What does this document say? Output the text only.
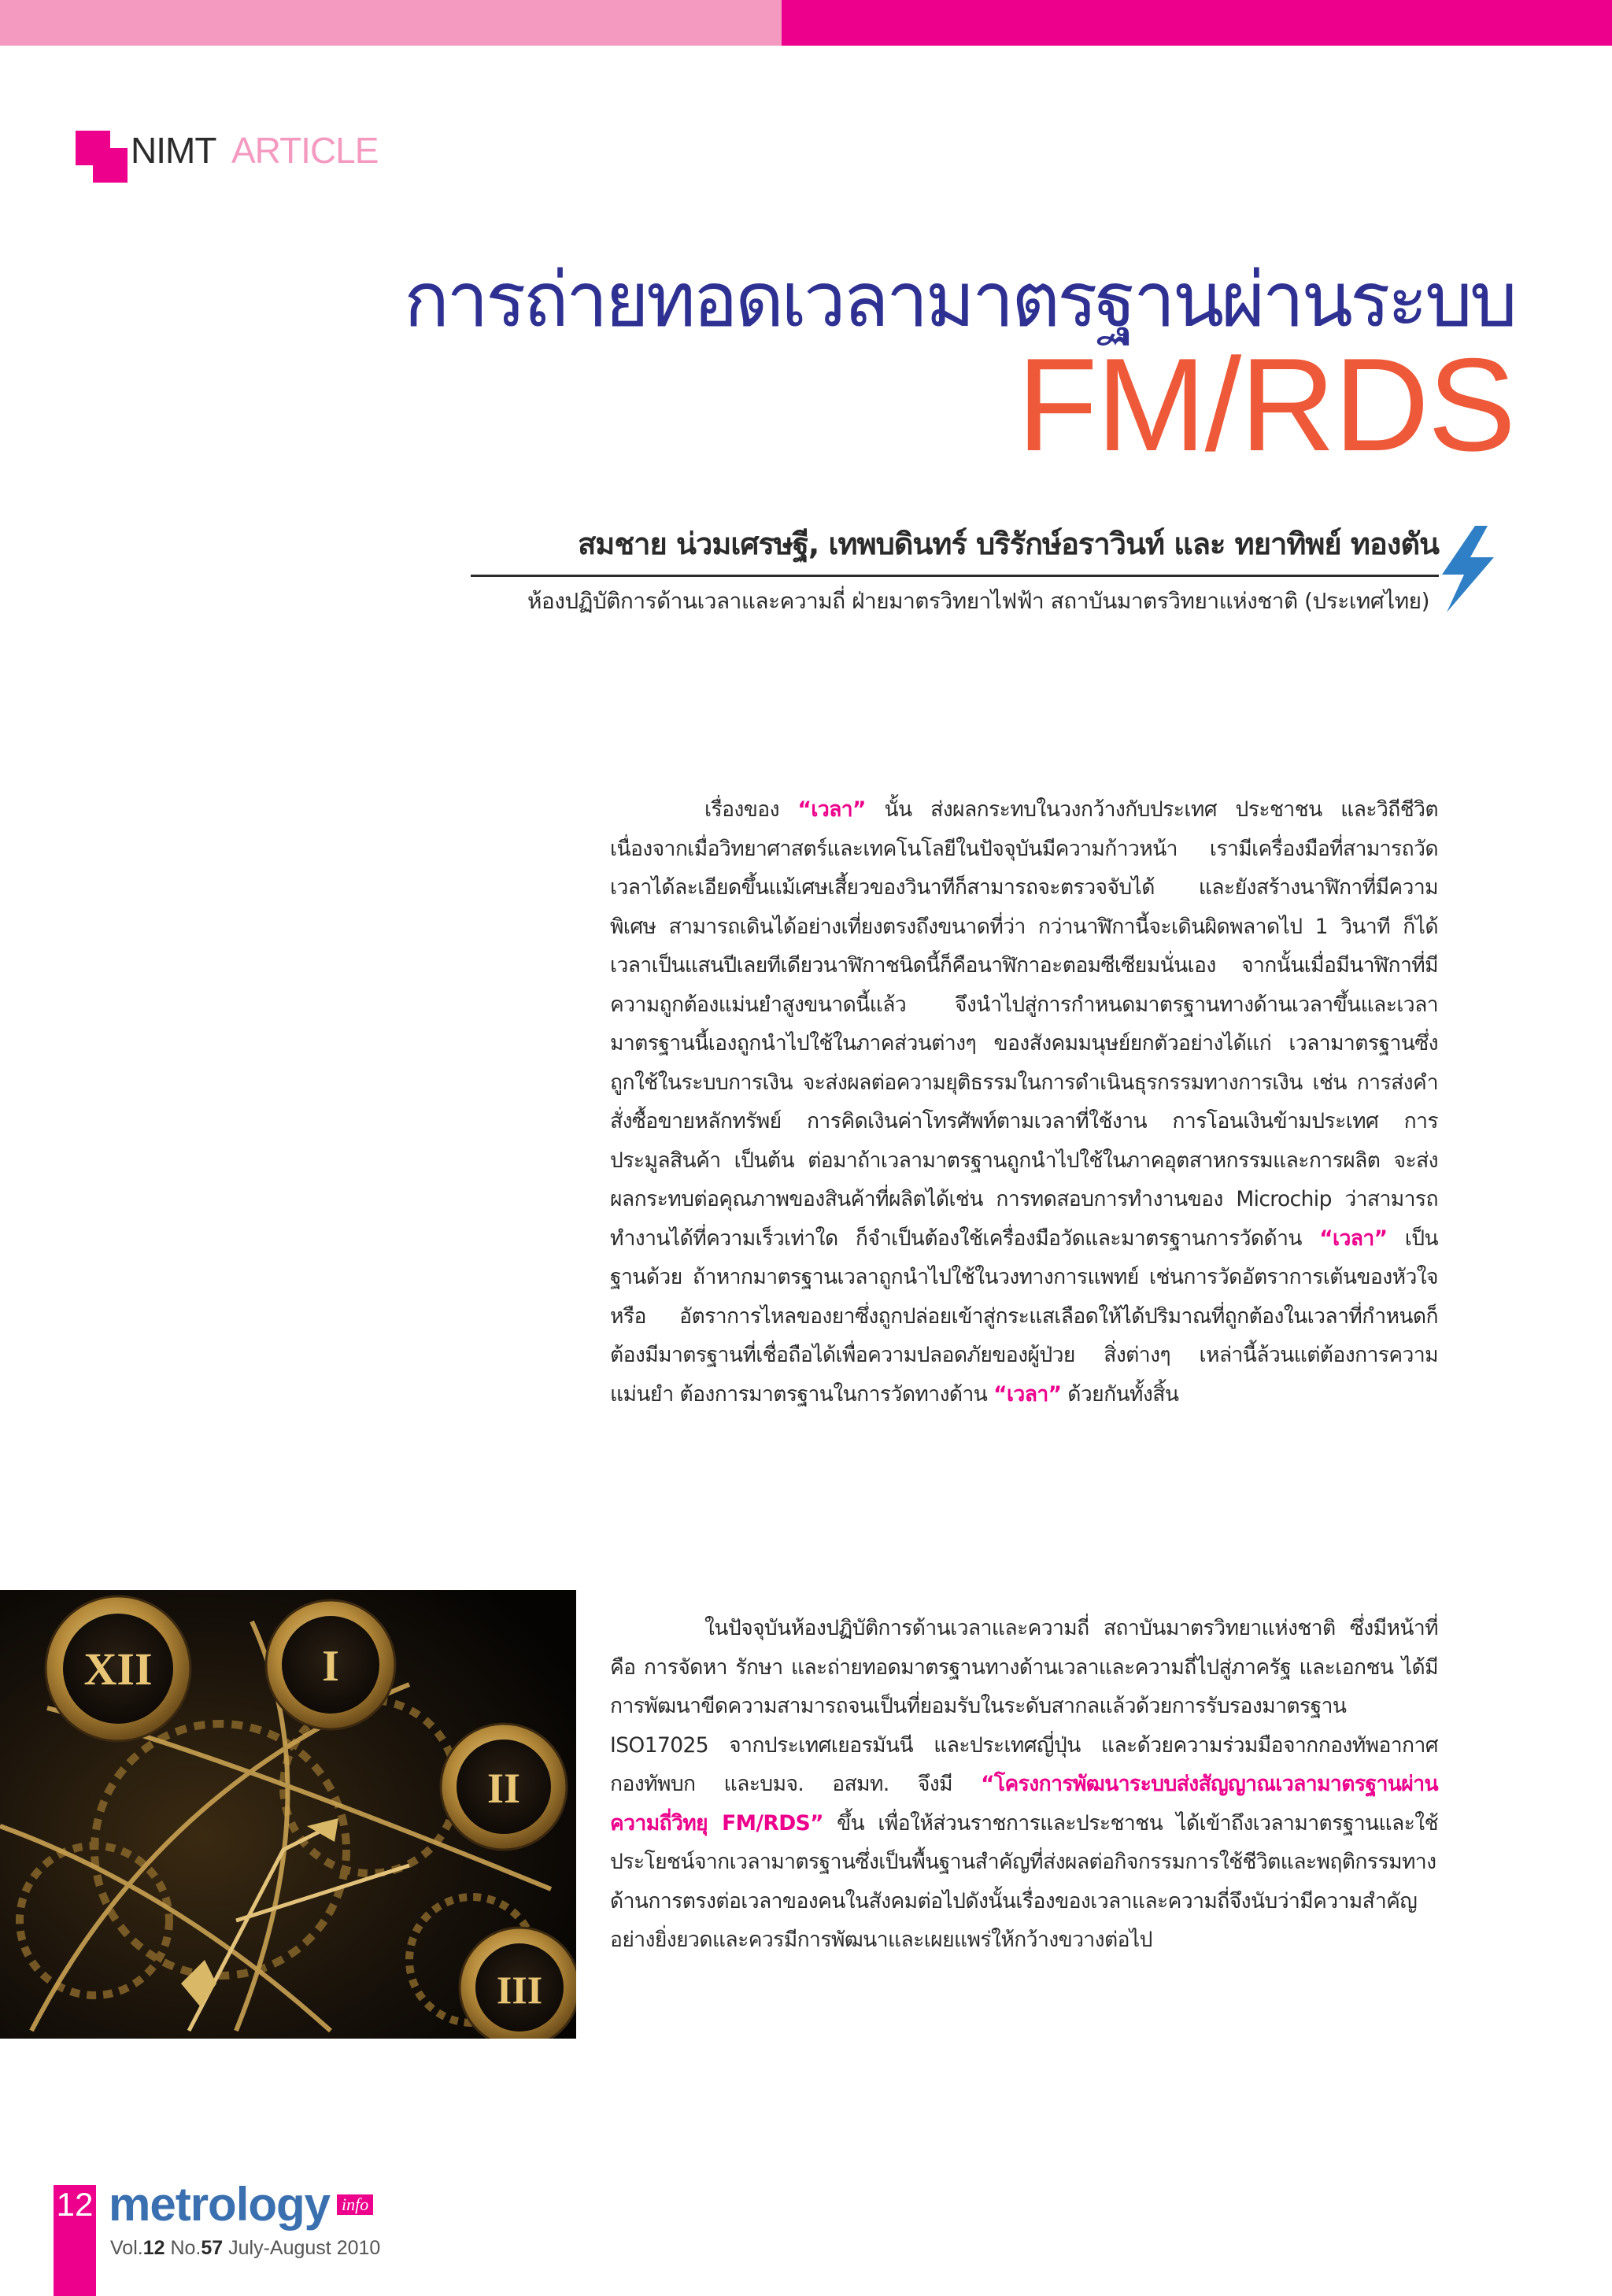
NIMT ARTICLE
การถ่ายทอดเวลามาตรฐานผ่านระบบ
FM/RDS
สมชาย น่วมเศรษฐี, เทพบดินทร์ บริรักษ์อราวินท์ และ ทยาทิพย์ ทองตัน
ห้องปฏิบัติการด้านเวลาและความถี่ ฝ่ายมาตรวิทยาไฟฟ้า สถาบันมาตรวิทยาแห่งชาติ (ประเทศไทย)
เรื่องของ “เวลา” นั้น ส่งผลกระทบในวงกว้างกับประเทศ ประชาชน และวิถีชีวิต เนื่องจากเมื่อวิทยาศาสตร์และเทคโนโลยีในปัจจุบันมีความก้าวหน้า เรามีเครื่องมือที่สามารถวัดเวลาได้ละเอียดขึ้นแม้เศษเสี้ยวของวินาทีก็สามารถจะตรวจจับได้ และยังสร้างนาฬิกาที่มีความพิเศษ สามารถเดินได้อย่างเที่ยงตรงถึงขนาดที่ว่า กว่านาฬิกานี้จะเดินผิดพลาดไป 1 วินาที ก็ได้เวลาเป็นแสนปีเลยทีเดียวนาฬิกาชนิดนี้ก็คือนาฬิกาอะตอมซีเซียมนั่นเอง จากนั้นเมื่อมีนาฬิกาที่มีความถูกต้องแม่นยำสูงขนาดนี้แล้ว จึงนำไปสู่การกำหนดมาตรฐานทางด้านเวลาขึ้นและเวลามาตรฐานนี้เองถูกนำไปใช้ในภาคส่วนต่างๆ ของสังคมมนุษย์ยกตัวอย่างได้แก่ เวลามาตรฐานซึ่งถูกใช้ในระบบการเงิน จะส่งผลต่อความยุติธรรมในการดำเนินธุรกรรมทางการเงิน เช่น การส่งคำสั่งซื้อขายหลักทรัพย์ การคิดเงินค่าโทรศัพท์ตามเวลาที่ใช้งาน การโอนเงินข้ามประเทศ การประมูลสินค้า เป็นต้น ต่อมาถ้าเวลามาตรฐานถูกนำไปใช้ในภาคอุตสาหกรรมและการผลิต จะส่งผลกระทบต่อคุณภาพของสินค้าที่ผลิตได้เช่น การทดสอบการทำงานของ Microchip ว่าสามารถทำงานได้ที่ความเร็วเท่าใด ก็จำเป็นต้องใช้เครื่องมือวัดและมาตรฐานการวัดด้าน “เวลา” เป็นฐานด้วย ถ้าหากมาตรฐานเวลาถูกนำไปใช้ในวงทางการแพทย์ เช่นการวัดอัตราการเต้นของหัวใจ หรือ อัตราการไหลของยาซึ่งถูกปล่อยเข้าสู่กระแสเลือดให้ได้ปริมาณที่ถูกต้องในเวลาที่กำหนดก็ต้องมีมาตรฐานที่เชื่อถือได้เพื่อความปลอดภัยของผู้ป่วย สิ่งต่างๆ เหล่านี้ล้วนแต่ต้องการความแม่นยำ ต้องการมาตรฐานในการวัดทางด้าน “เวลา” ด้วยกันทั้งสิ้น
ในปัจจุบันห้องปฏิบัติการด้านเวลาและความถี่ สถาบันมาตรวิทยาแห่งชาติ ซึ่งมีหน้าที่คือ การจัดหา รักษา และถ่ายทอดมาตรฐานทางด้านเวลาและความถี่ไปสู่ภาครัฐ และเอกชน ได้มีการพัฒนาขีดความสามารถจนเป็นที่ยอมรับในระดับสากลแล้วด้วยการรับรองมาตรฐาน ISO17025 จากประเทศเยอรมันนี และประเทศญี่ปุ่น และด้วยความร่วมมือจากกองทัพอากาศ กองทัพบก และบมจ. อสมท. จึงมี “โครงการพัฒนาระบบส่งสัญญาณเวลามาตรฐานผ่านความถี่วิทยุ FM/RDS” ขึ้น เพื่อให้ส่วนราชการและประชาชน ได้เข้าถึงเวลามาตรฐานและใช้ประโยชน์จากเวลามาตรฐานซึ่งเป็นพื้นฐานสำคัญที่ส่งผลต่อกิจกรรมการใช้ชีวิตและพฤติกรรมทางด้านการตรงต่อเวลาของคนในสังคมต่อไปดังนั้นเรื่องของเวลาและความถี่จึงนับว่ามีความสำคัญอย่างยิ่งยวดและควรมีการพัฒนาและเผยแพร่ให้กว้างขวางต่อไป
XII	I
II
III
12 metrology info
Vol.12 No.57 July-August 2010
